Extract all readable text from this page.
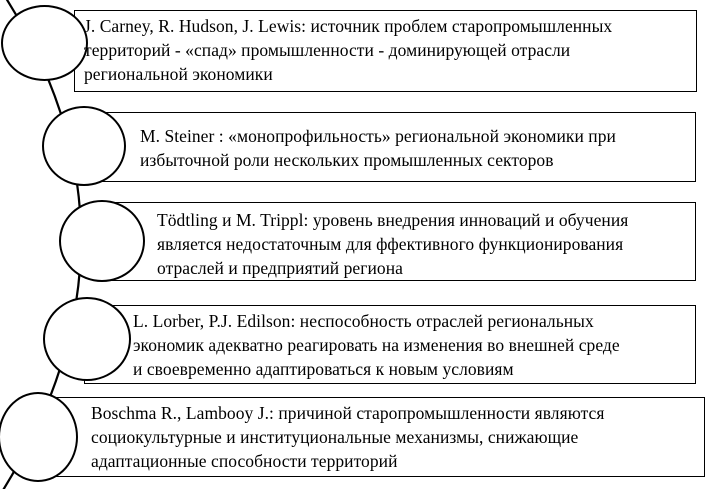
J. Carney, R. Hudson, J. Lewis: источник проблем старопромышленных
территорий - «спад» промышленности - доминирующей отрасли
региональной экономики
M. Steiner : «монопрофильность» региональной экономики при
избыточной роли нескольких промышленных секторов
Tödtling и M. Trippl: уровень внедрения инноваций и обучения
является недостаточным для ффективного функционирования
отраслей и предприятий региона
L. Lorber, P.J. Edilson: неспособность отраслей региональных
экономик адекватно реагировать на изменения во внешней среде
и своевременно адаптироваться к новым условиям
Boschma R., Lambooy J.: причиной старопромышленности являются
социокультурные и институциональные механизмы, снижающие
адаптационные способности территорий
